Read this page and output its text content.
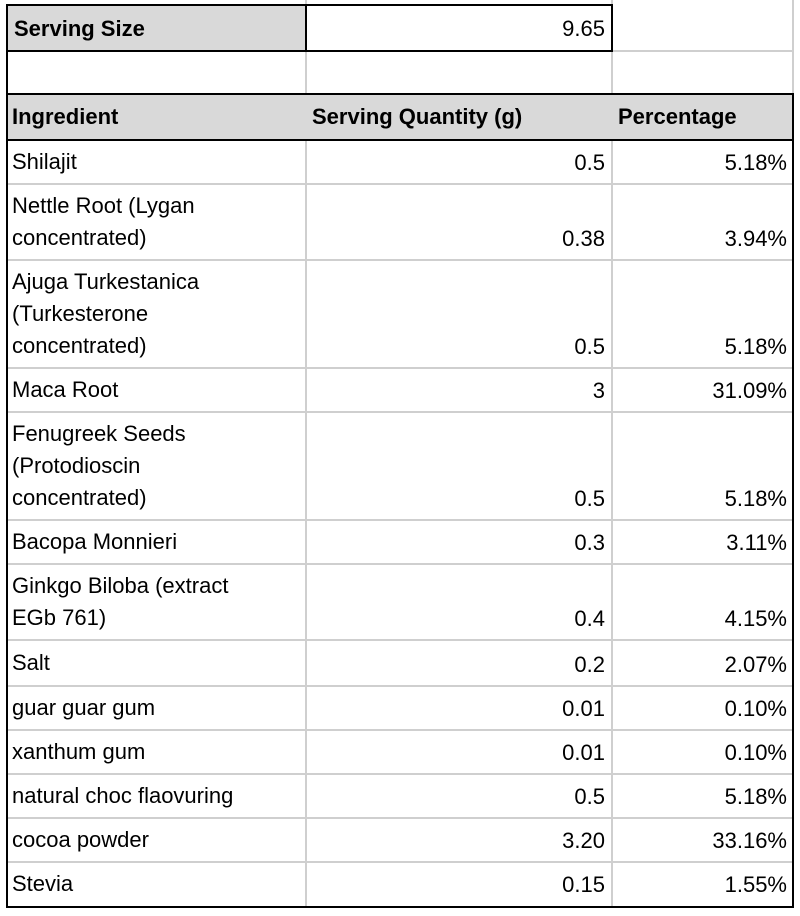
Serving Size	9.65
Ingredient	Serving Quantity (g)	Percentage
Shilajit	0.5	5.18%
Nettle Root (Lygan
concentrated)	0.38	3.94%
Ajuga Turkestanica
(Turkesterone
concentrated)	0.5	5.18%
Maca Root	3	31.09%
Fenugreek Seeds
(Protodioscin
concentrated)	0.5	5.18%
Bacopa Monnieri	0.3	3.11%
Ginkgo Biloba (extract
EGb 761)	0.4	4.15%
Salt	0.2	2.07%
guar guar gum	0.01	0.10%
xanthum gum	0.01	0.10%
natural choc flaovuring	0.5	5.18%
cocoa powder	3.20	33.16%
Stevia	0.15	1.55%
